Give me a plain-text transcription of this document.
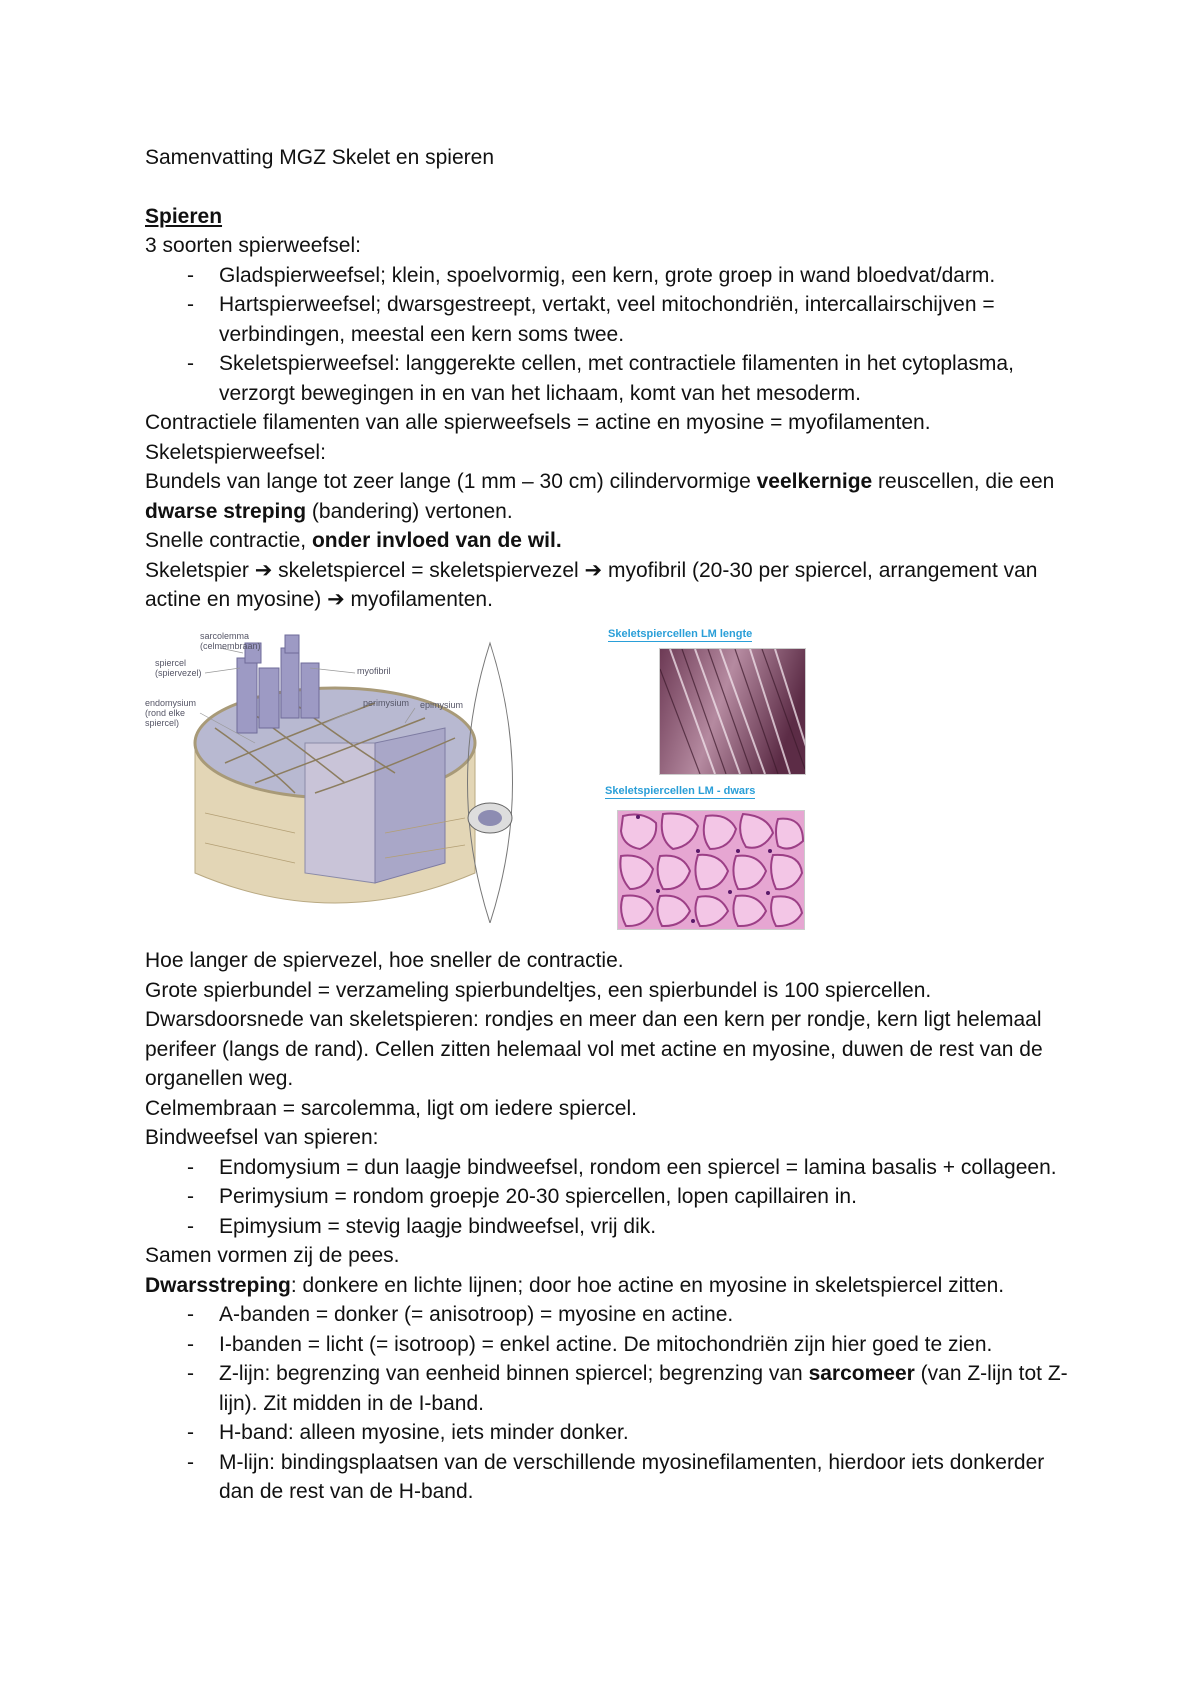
Samenvatting MGZ Skelet en spieren

Spieren

3 soorten spierweefsel:

- Gladspierweefsel; klein, spoelvormig, een kern, grote groep in wand bloedvat/darm.
- Hartspierweefsel; dwarsgestreept, vertakt, veel mitochondriën, intercallairschijven = verbindingen, meestal een kern soms twee.
- Skeletspierweefsel: langgerekte cellen, met contractiele filamenten in het cytoplasma, verzorgt bewegingen in en van het lichaam, komt van het mesoderm.

Contractiele filamenten van alle spierweefsels = actine en myosine = myofilamenten.

Skeletspierweefsel:

Bundels van lange tot zeer lange (1 mm – 30 cm) cilindervormige veelkernige reuscellen, die een dwarse streping (bandering) vertonen.

Snelle contractie, onder invloed van de wil.

Skeletspier ➔ skeletspiercel = skeletspiervezel ➔ myofibril (20-30 per spiercel, arrangement van actine en myosine) ➔ myofilamenten.

sarcolemma (celmembraan)
spiercel (spiervezel)
endomysium (rond elke spiercel)
myofibril
perimysium epimysium
Skeletspiercellen LM lengte
Skeletspiercellen LM - dwars

Hoe langer de spiervezel, hoe sneller de contractie.

Grote spierbundel = verzameling spierbundeltjes, een spierbundel is 100 spiercellen.

Dwarsdoorsnede van skeletspieren: rondjes en meer dan een kern per rondje, kern ligt helemaal perifeer (langs de rand). Cellen zitten helemaal vol met actine en myosine, duwen de rest van de organellen weg.

Celmembraan = sarcolemma, ligt om iedere spiercel.

Bindweefsel van spieren:

- Endomysium = dun laagje bindweefsel, rondom een spiercel = lamina basalis + collageen.
- Perimysium = rondom groepje 20-30 spiercellen, lopen capillairen in.
- Epimysium = stevig laagje bindweefsel, vrij dik.

Samen vormen zij de pees.

Dwarsstreping: donkere en lichte lijnen; door hoe actine en myosine in skeletspiercel zitten.

- A-banden = donker (= anisotroop) = myosine en actine.
- I-banden = licht (= isotroop) = enkel actine. De mitochondriën zijn hier goed te zien.
- Z-lijn: begrenzing van eenheid binnen spiercel; begrenzing van sarcomeer (van Z-lijn tot Z-lijn). Zit midden in de I-band.
- H-band: alleen myosine, iets minder donker.
- M-lijn: bindingsplaatsen van de verschillende myosinefilamenten, hierdoor iets donkerder dan de rest van de H-band.
